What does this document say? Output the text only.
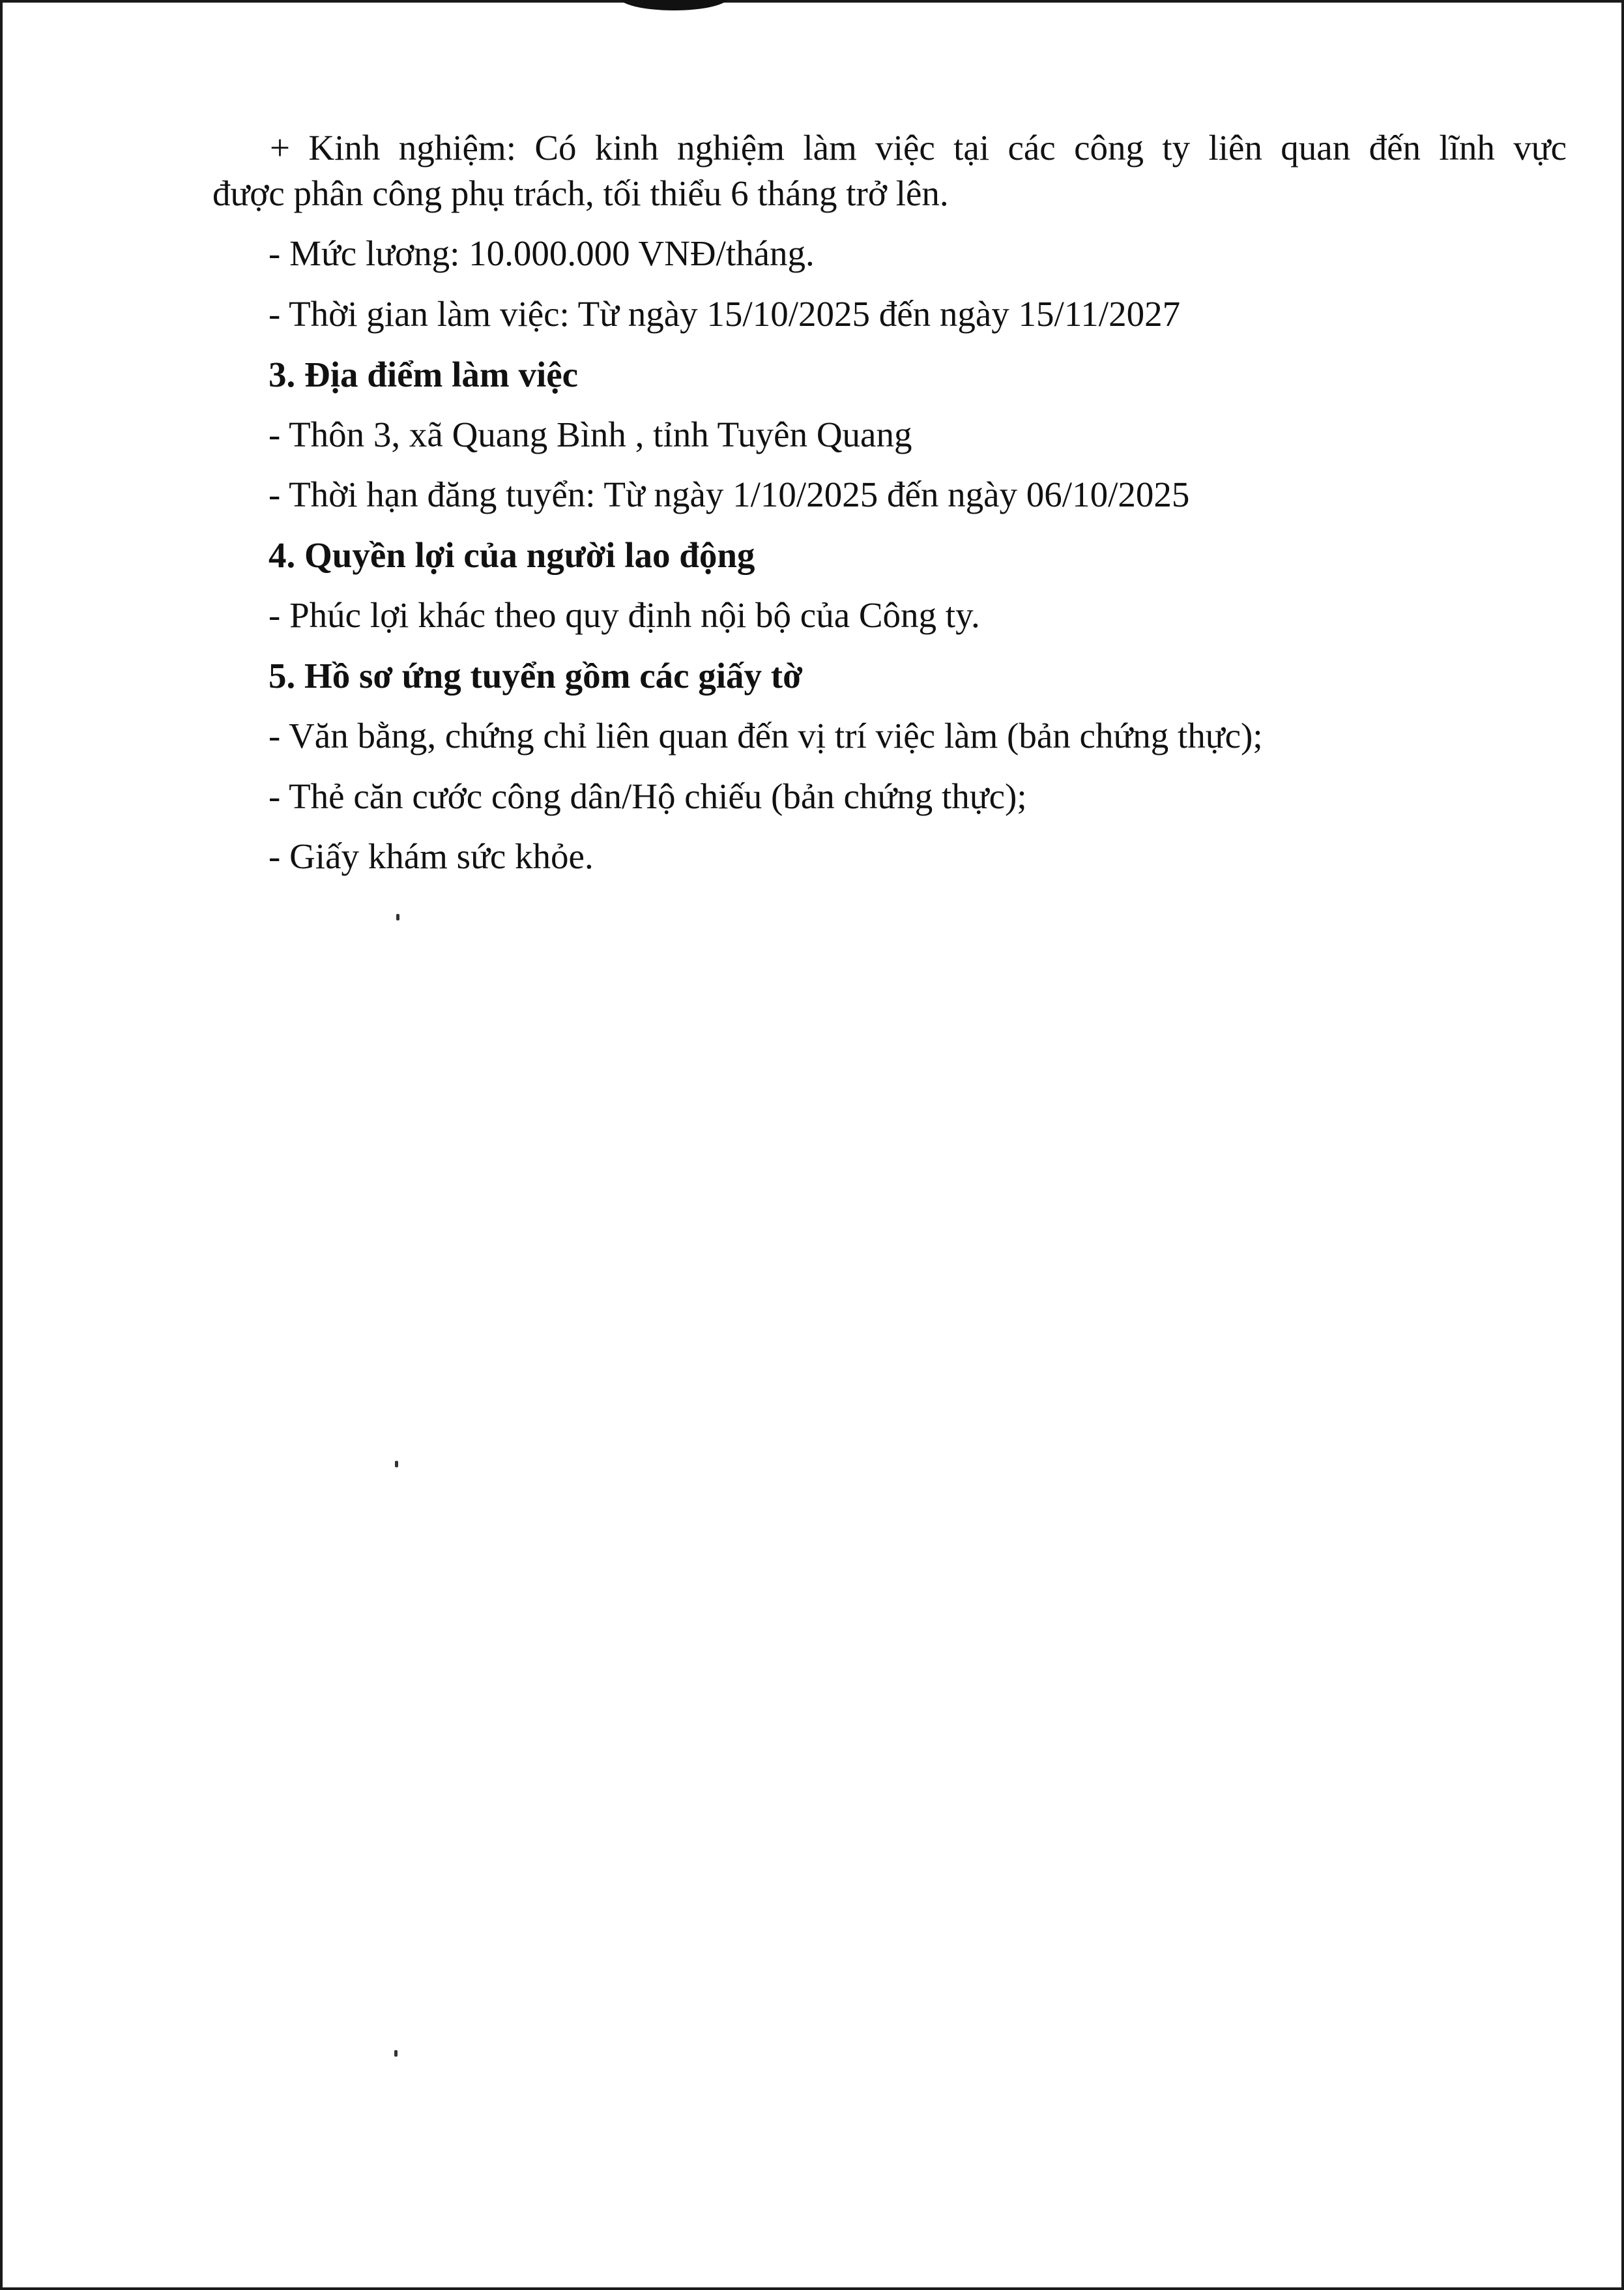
+ Kinh nghiệm: Có kinh nghiệm làm việc tại các công ty liên quan đến lĩnh vực

được phân công phụ trách, tối thiểu 6 tháng trở lên.

- Mức lương: 10.000.000 VNĐ/tháng.

- Thời gian làm việc: Từ ngày 15/10/2025 đến ngày 15/11/2027

3. Địa điểm làm việc

- Thôn 3, xã Quang Bình , tỉnh Tuyên Quang

- Thời hạn đăng tuyển: Từ ngày 1/10/2025 đến ngày 06/10/2025

4. Quyền lợi của người lao động

- Phúc lợi khác theo quy định nội bộ của Công ty.

5. Hồ sơ ứng tuyển gồm các giấy tờ

- Văn bằng, chứng chỉ liên quan đến vị trí việc làm (bản chứng thực);

- Thẻ căn cước công dân/Hộ chiếu (bản chứng thực);

- Giấy khám sức khỏe.
